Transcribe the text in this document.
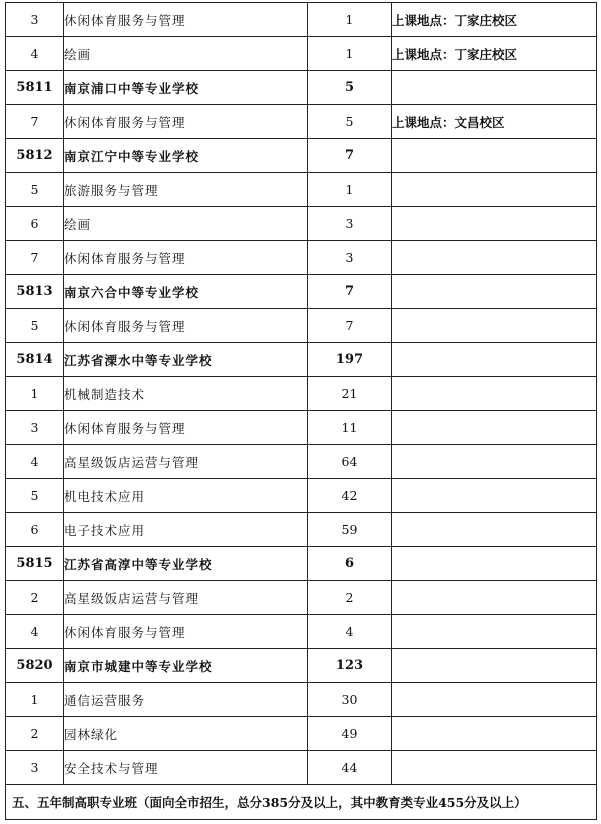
3	休闲体育服务与管理	1	上课地点：丁家庄校区
4	绘画	1	上课地点：丁家庄校区
5811	南京浦口中等专业学校	5	
7	休闲体育服务与管理	5	上课地点：文昌校区
5812	南京江宁中等专业学校	7	
5	旅游服务与管理	1	
6	绘画	3	
7	休闲体育服务与管理	3	
5813	南京六合中等专业学校	7	
5	休闲体育服务与管理	7	
5814	江苏省溧水中等专业学校	197	
1	机械制造技术	21	
3	休闲体育服务与管理	11	
4	高星级饭店运营与管理	64	
5	机电技术应用	42	
6	电子技术应用	59	
5815	江苏省高淳中等专业学校	6	
2	高星级饭店运营与管理	2	
4	休闲体育服务与管理	4	
5820	南京市城建中等专业学校	123	
1	通信运营服务	30	
2	园林绿化	49	
3	安全技术与管理	44	
五、五年制高职专业班（面向全市招生，总分385分及以上，其中教育类专业455分及以上）			
